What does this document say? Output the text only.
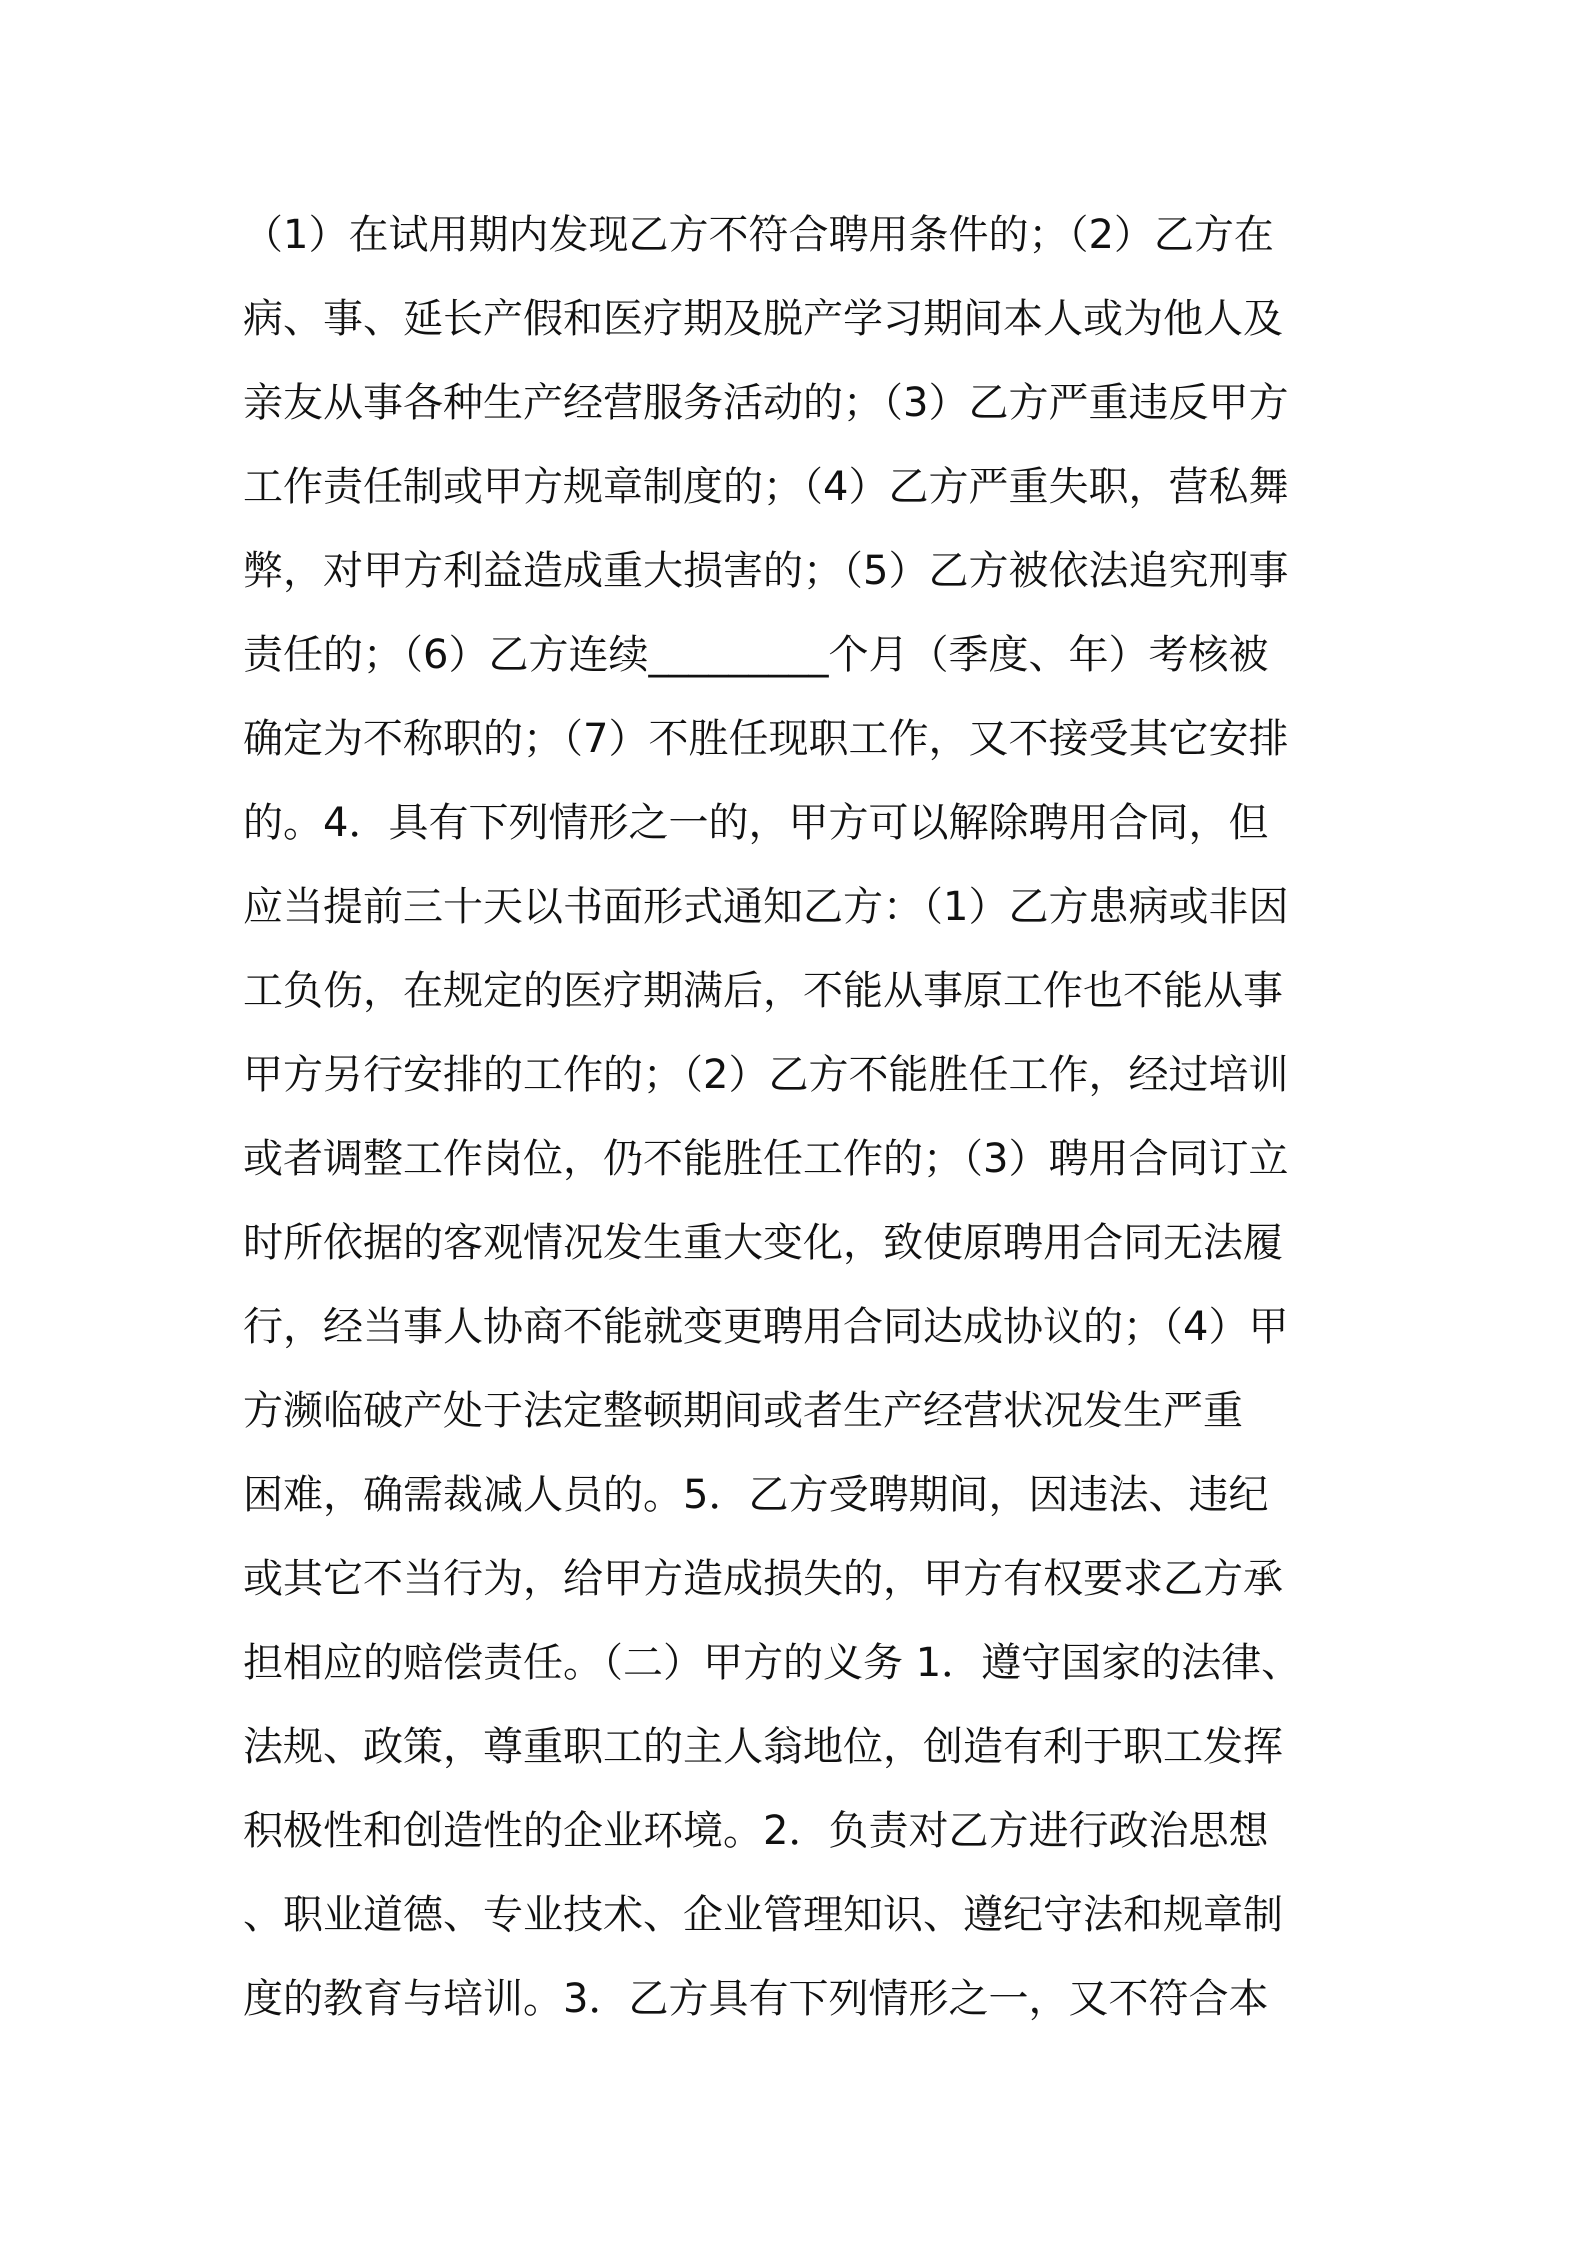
（1）在试用期内发现乙方不符合聘用条件的；（2）乙方在
病、事、延长产假和医疗期及脱产学习期间本人或为他人及
亲友从事各种生产经营服务活动的；（3）乙方严重违反甲方
工作责任制或甲方规章制度的；（4）乙方严重失职，营私舞
弊，对甲方利益造成重大损害的；（5）乙方被依法追究刑事
责任的；（6）乙方连续_________个月（季度、年）考核被
确定为不称职的；（7）不胜任现职工作，又不接受其它安排
的。4．具有下列情形之一的，甲方可以解除聘用合同，但
应当提前三十天以书面形式通知乙方：（1）乙方患病或非因
工负伤，在规定的医疗期满后，不能从事原工作也不能从事
甲方另行安排的工作的；（2）乙方不能胜任工作，经过培训
或者调整工作岗位，仍不能胜任工作的；（3）聘用合同订立
时所依据的客观情况发生重大变化，致使原聘用合同无法履
行，经当事人协商不能就变更聘用合同达成协议的；（4）甲
方濒临破产处于法定整顿期间或者生产经营状况发生严重
困难，确需裁减人员的。5．乙方受聘期间，因违法、违纪
或其它不当行为，给甲方造成损失的，甲方有权要求乙方承
担相应的赔偿责任。（二）甲方的义务 1．遵守国家的法律、
法规、政策，尊重职工的主人翁地位，创造有利于职工发挥
积极性和创造性的企业环境。2．负责对乙方进行政治思想
、职业道德、专业技术、企业管理知识、遵纪守法和规章制
度的教育与培训。3．乙方具有下列情形之一，又不符合本
